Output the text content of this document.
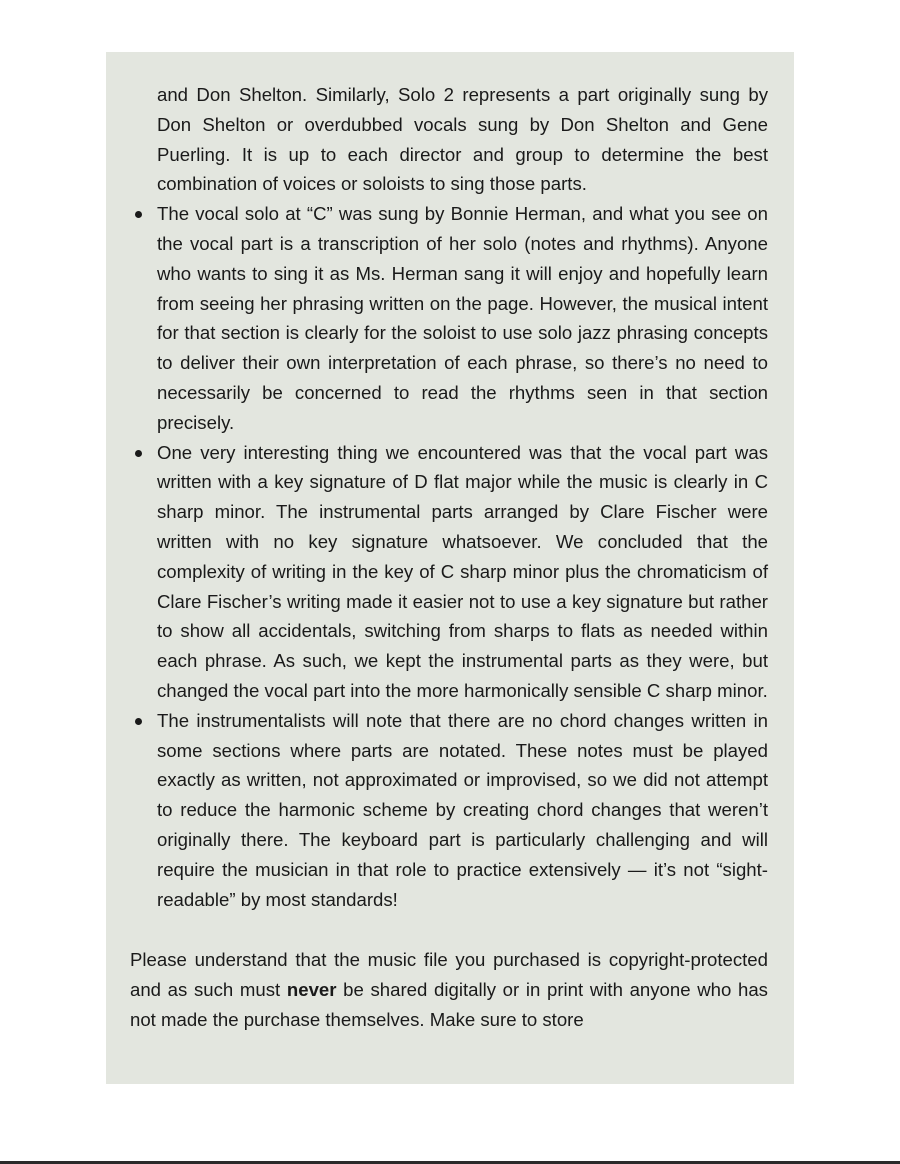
and Don Shelton. Similarly, Solo 2 represents a part originally sung by Don Shelton or overdubbed vocals sung by Don Shelton and Gene Puerling. It is up to each director and group to determine the best combination of voices or soloists to sing those parts.

The vocal solo at “C” was sung by Bonnie Herman, and what you see on the vocal part is a transcription of her solo (notes and rhythms). Anyone who wants to sing it as Ms. Herman sang it will enjoy and hopefully learn from seeing her phrasing written on the page. However, the musical intent for that section is clearly for the soloist to use solo jazz phrasing concepts to deliver their own interpretation of each phrase, so there’s no need to necessarily be concerned to read the rhythms seen in that section precisely.
One very interesting thing we encountered was that the vocal part was written with a key signature of D flat major while the music is clearly in C sharp minor. The instrumental parts arranged by Clare Fischer were written with no key signature whatsoever. We concluded that the complexity of writing in the key of C sharp minor plus the chromaticism of Clare Fischer’s writing made it easier not to use a key signature but rather to show all accidentals, switching from sharps to flats as needed within each phrase. As such, we kept the instrumental parts as they were, but changed the vocal part into the more harmonically sensible C sharp minor.
The instrumentalists will note that there are no chord changes written in some sections where parts are notated. These notes must be played exactly as written, not approximated or improvised, so we did not attempt to reduce the harmonic scheme by creating chord changes that weren’t originally there. The keyboard part is particularly challenging and will require the musician in that role to practice extensively — it’s not “sight-readable” by most standards!

Please understand that the music file you purchased is copyright-protected and as such must never be shared digitally or in print with anyone who has not made the purchase themselves. Make sure to store
